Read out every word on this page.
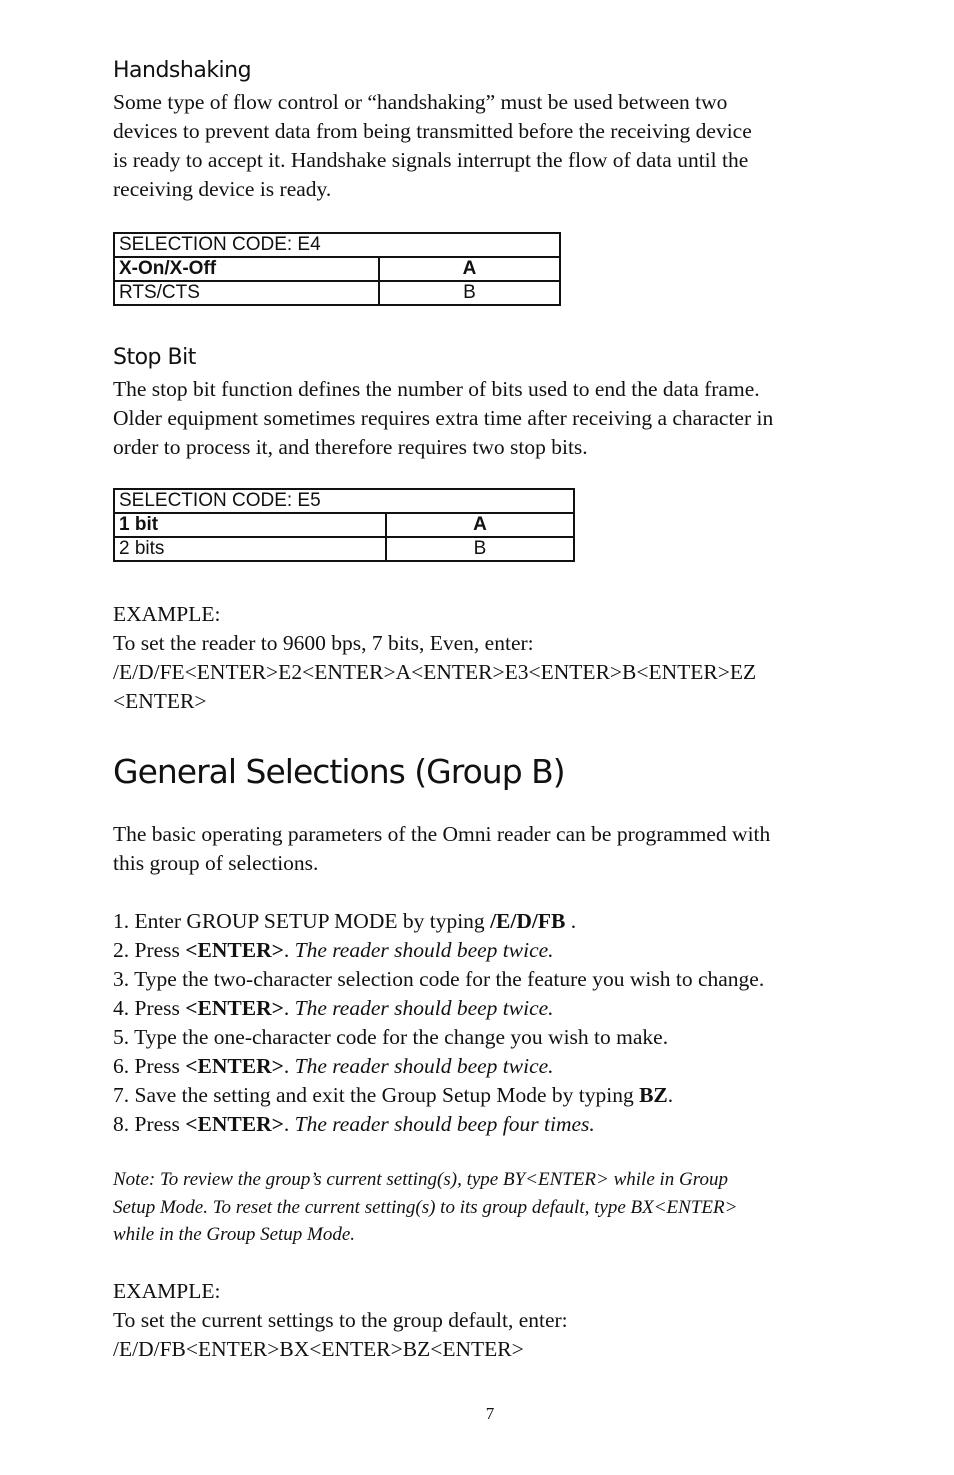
Handshaking
Some type of flow control or “handshaking” must be used between two
devices to prevent data from being transmitted before the receiving device
is ready to accept it. Handshake signals interrupt the flow of data until the
receiving device is ready.
SELECTION CODE: E4	
X-On/X-Off	A
RTS/CTS	B
Stop Bit
The stop bit function defines the number of bits used to end the data frame.
Older equipment sometimes requires extra time after receiving a character in
order to process it, and therefore requires two stop bits.
SELECTION CODE: E5	
1 bit	A
2 bits	B
EXAMPLE:
To set the reader to 9600 bps, 7 bits, Even, enter:
/E/D/FE<ENTER>E2<ENTER>A<ENTER>E3<ENTER>B<ENTER>EZ
<ENTER>
General Selections (Group B)
The basic operating parameters of the Omni reader can be programmed with
this group of selections.
1. Enter GROUP SETUP MODE by typing /E/D/FB .
2. Press <ENTER>. The reader should beep twice.
3. Type the two-character selection code for the feature you wish to change.
4. Press <ENTER>. The reader should beep twice.
5. Type the one-character code for the change you wish to make.
6. Press <ENTER>. The reader should beep twice.
7. Save the setting and exit the Group Setup Mode by typing BZ.
8. Press <ENTER>. The reader should beep four times.
Note: To review the group’s current setting(s), type BY<ENTER> while in Group
Setup Mode. To reset the current setting(s) to its group default, type BX<ENTER>
while in the Group Setup Mode.
EXAMPLE:
To set the current settings to the group default, enter:
/E/D/FB<ENTER>BX<ENTER>BZ<ENTER>
7
